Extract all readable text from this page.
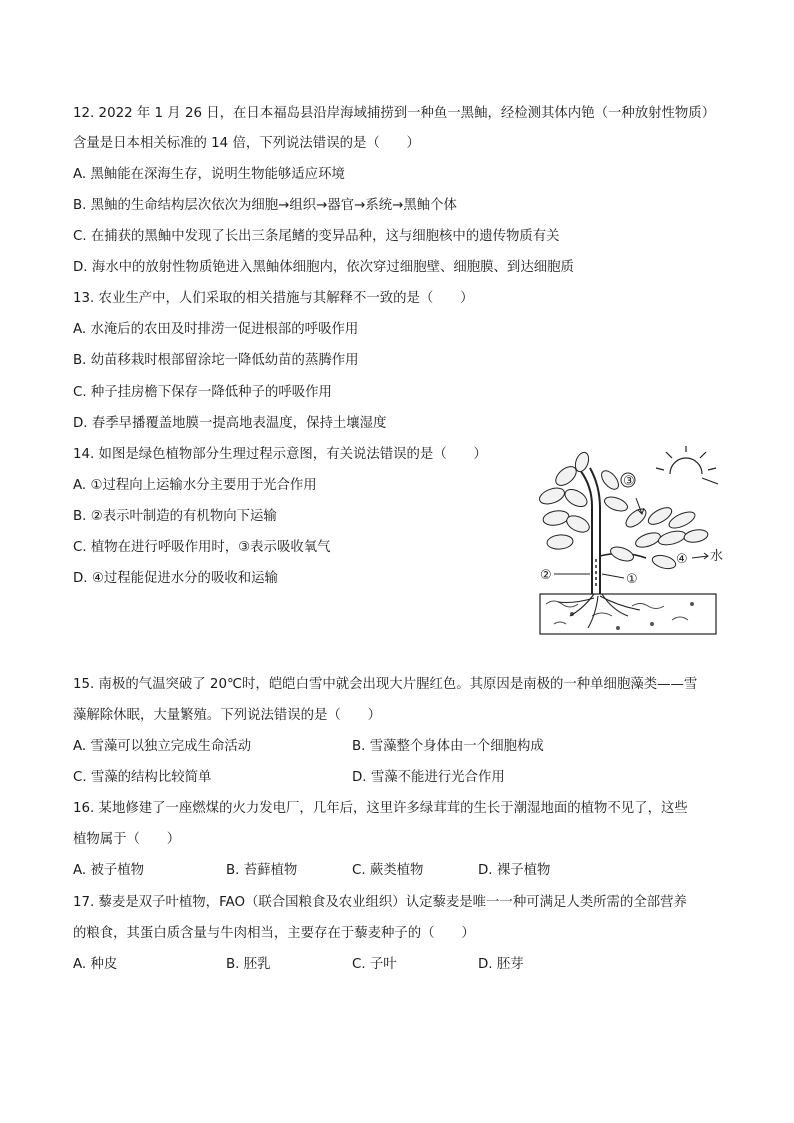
12. 2022 年 1 月 26 日，在日本福岛县沿岸海域捕捞到一种鱼一黑鲉，经检测其体内铯（一种放射性物质）
含量是日本相关标准的 14 倍，下列说法错误的是（　　）
A. 黑鲉能在深海生存，说明生物能够适应环境
B. 黑鲉的生命结构层次依次为细胞→组织→器官→系统→黑鲉个体
C. 在捕获的黑鲉中发现了长出三条尾鳍的变异品种，这与细胞核中的遗传物质有关
D. 海水中的放射性物质铯进入黑鲉体细胞内，依次穿过细胞壁、细胞膜、到达细胞质
13. 农业生产中，人们采取的相关措施与其解释不一致的是（　　）
A. 水淹后的农田及时排涝一促进根部的呼吸作用
B. 幼苗移栽时根部留涂坨一降低幼苗的蒸腾作用
C. 种子挂房檐下保存一降低种子的呼吸作用
D. 春季早播覆盖地膜一提高地表温度，保持土壤湿度
14. 如图是绿色植物部分生理过程示意图，有关说法错误的是（　　）
A. ①过程向上运输水分主要用于光合作用
B. ②表示叶制造的有机物向下运输
C. 植物在进行呼吸作用时，③表示吸收氧气
D. ④过程能促进水分的吸收和运输
③
④ 水
①
②
15. 南极的气温突破了 20℃时，皑皑白雪中就会出现大片腥红色。其原因是南极的一种单细胞藻类——雪
藻解除休眠，大量繁殖。下列说法错误的是（　　）
A. 雪藻可以独立完成生命活动	B. 雪藻整个身体由一个细胞构成
C. 雪藻的结构比较简单	D. 雪藻不能进行光合作用
16. 某地修建了一座燃煤的火力发电厂，几年后，这里许多绿茸茸的生长于潮湿地面的植物不见了，这些
植物属于（　　）
A. 被子植物	B. 苔藓植物	C. 蕨类植物	D. 裸子植物
17. 藜麦是双子叶植物，FAO（联合国粮食及农业组织）认定藜麦是唯一一种可满足人类所需的全部营养
的粮食，其蛋白质含量与牛肉相当，主要存在于藜麦种子的（　　）
A. 种皮	B. 胚乳	C. 子叶	D. 胚芽
